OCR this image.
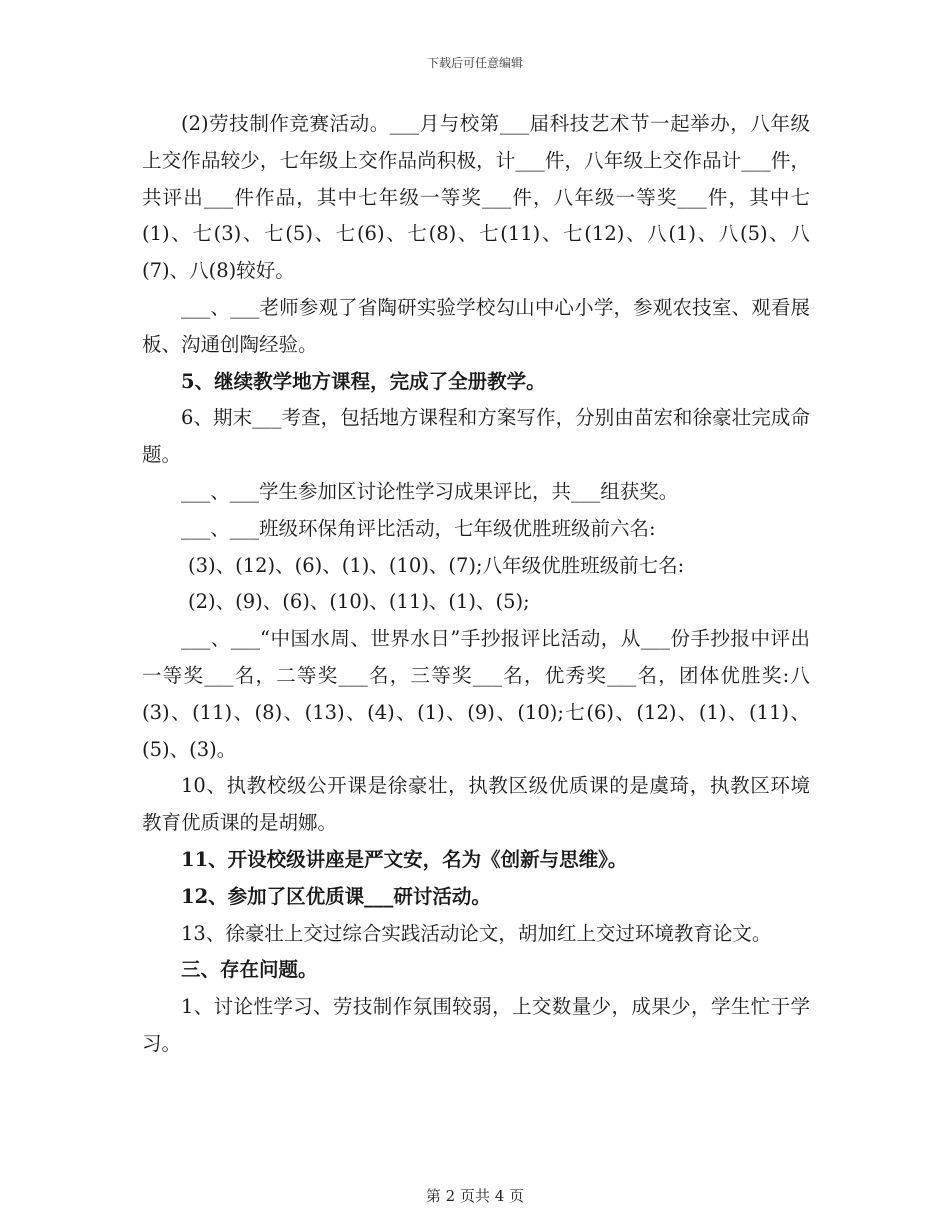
下载后可任意编辑

(2)劳技制作竞赛活动。___月与校第___届科技艺术节一起举办，八年级上交作品较少，七年级上交作品尚积极，计___件，八年级上交作品计___件，共评出___件作品，其中七年级一等奖___件，八年级一等奖___件，其中七(1)、七(3)、七(5)、七(6)、七(8)、七(11)、七(12)、八(1)、八(5)、八(7)、八(8)较好。

___、___老师参观了省陶研实验学校勾山中心小学，参观农技室、观看展板、沟通创陶经验。

5、继续教学地方课程，完成了全册教学。

6、期末___考查，包括地方课程和方案写作，分别由苗宏和徐豪壮完成命题。

___、___学生参加区讨论性学习成果评比，共___组获奖。

___、___班级环保角评比活动，七年级优胜班级前六名:

(3)、(12)、(6)、(1)、(10)、(7);八年级优胜班级前七名:

(2)、(9)、(6)、(10)、(11)、(1)、(5);

___、___“中国水周、世界水日”手抄报评比活动，从___份手抄报中评出一等奖___名，二等奖___名，三等奖___名，优秀奖___名，团体优胜奖:八(3)、(11)、(8)、(13)、(4)、(1)、(9)、(10);七(6)、(12)、(1)、(11)、(5)、(3)。

10、执教校级公开课是徐豪壮，执教区级优质课的是虞琦，执教区环境教育优质课的是胡娜。

11、开设校级讲座是严文安，名为《创新与思维》。

12、参加了区优质课___研讨活动。

13、徐豪壮上交过综合实践活动论文，胡加红上交过环境教育论文。

三、存在问题。

1、讨论性学习、劳技制作氛围较弱，上交数量少，成果少，学生忙于学习。

第 2 页共 4 页
